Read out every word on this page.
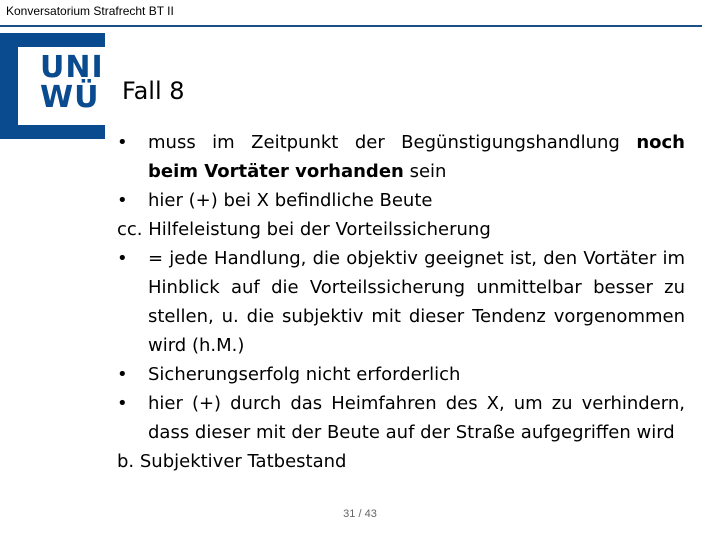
Konversatorium Strafrecht BT II
UNI
WÜ Fall 8
• muss im Zeitpunkt der Begünstigungshandlung noch beim Vortäter vorhanden sein
• hier (+) bei X befindliche Beute
cc. Hilfeleistung bei der Vorteilssicherung
• = jede Handlung, die objektiv geeignet ist, den Vortäter im Hinblick auf die Vorteilssicherung unmittelbar besser zu stellen, u. die subjektiv mit dieser Tendenz vorgenommen wird (h.M.)
• Sicherungserfolg nicht erforderlich
• hier (+) durch das Heimfahren des X, um zu verhindern, dass dieser mit der Beute auf der Straße aufgegriffen wird
b. Subjektiver Tatbestand
31 / 43
